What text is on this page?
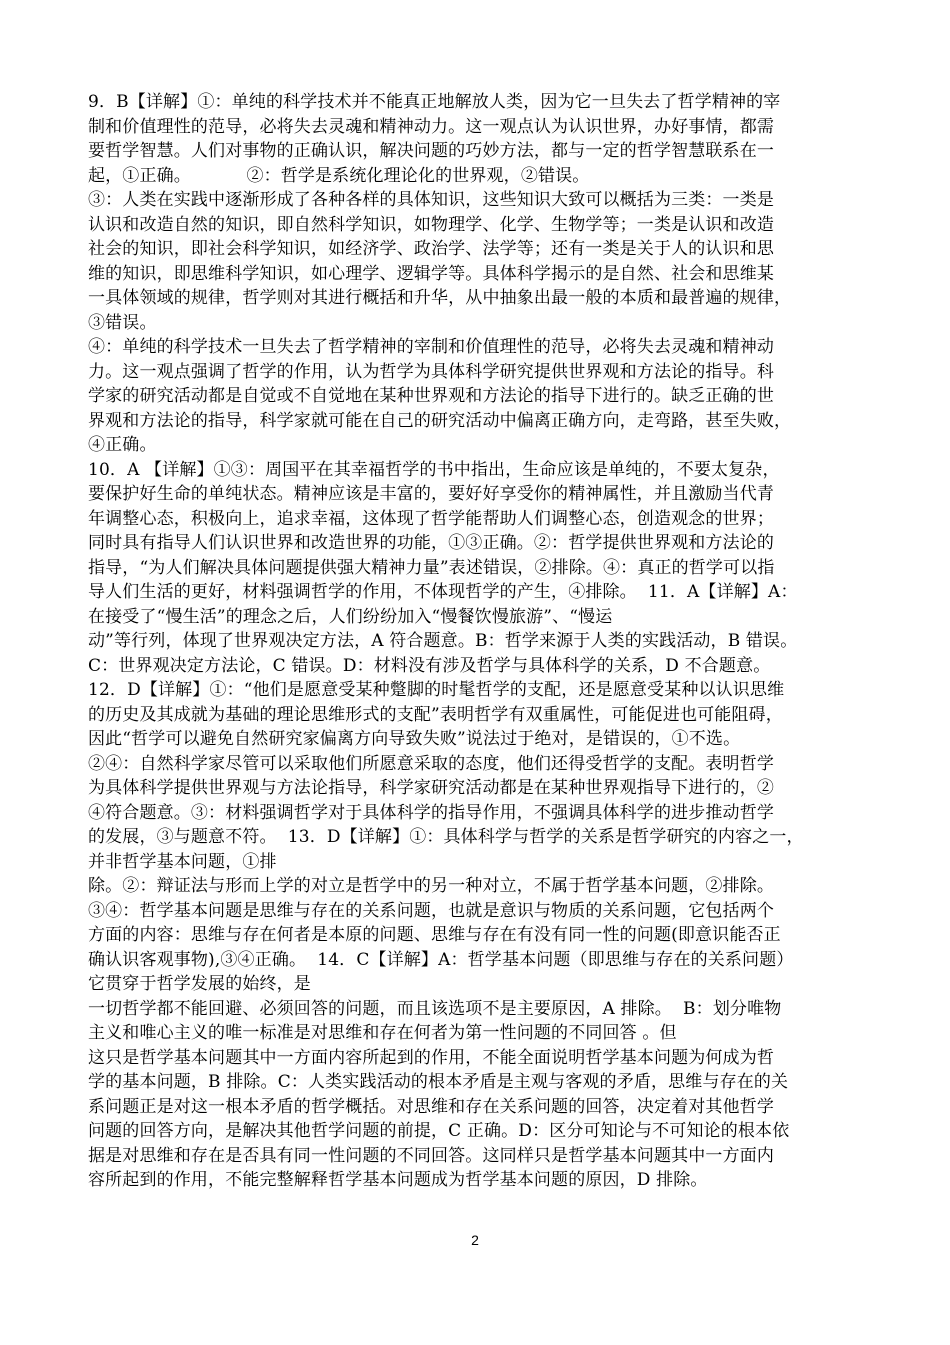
9．B【详解】①：单纯的科学技术并不能真正地解放人类，因为它一旦失去了哲学精神的宰
制和价值理性的范导，必将失去灵魂和精神动力。这一观点认为认识世界，办好事情，都需
要哲学智慧。人们对事物的正确认识，解决问题的巧妙方法，都与一定的哲学智慧联系在一
起，①正确。          ②：哲学是系统化理论化的世界观，②错误。
③：人类在实践中逐渐形成了各种各样的具体知识，这些知识大致可以概括为三类：一类是
认识和改造自然的知识，即自然科学知识，如物理学、化学、生物学等；一类是认识和改造
社会的知识，即社会科学知识，如经济学、政治学、法学等；还有一类是关于人的认识和思
维的知识，即思维科学知识，如心理学、逻辑学等。具体科学揭示的是自然、社会和思维某
一具体领域的规律，哲学则对其进行概括和升华，从中抽象出最一般的本质和最普遍的规律，
③错误。
④：单纯的科学技术一旦失去了哲学精神的宰制和价值理性的范导，必将失去灵魂和精神动
力。这一观点强调了哲学的作用，认为哲学为具体科学研究提供世界观和方法论的指导。科
学家的研究活动都是自觉或不自觉地在某种世界观和方法论的指导下进行的。缺乏正确的世
界观和方法论的指导，科学家就可能在自己的研究活动中偏离正确方向，走弯路，甚至失败，
④正确。
10．A 【详解】①③：周国平在其幸福哲学的书中指出，生命应该是单纯的，不要太复杂，
要保护好生命的单纯状态。精神应该是丰富的，要好好享受你的精神属性，并且激励当代青
年调整心态，积极向上，追求幸福，这体现了哲学能帮助人们调整心态，创造观念的世界；
同时具有指导人们认识世界和改造世界的功能，①③正确。②：哲学提供世界观和方法论的
指导，“为人们解决具体问题提供强大精神力量”表述错误，②排除。④：真正的哲学可以指
导人们生活的更好，材料强调哲学的作用，不体现哲学的产生，④排除。  11．A【详解】A：
在接受了“慢生活”的理念之后，人们纷纷加入“慢餐饮慢旅游”、“慢运
动”等行列，体现了世界观决定方法，A 符合题意。B：哲学来源于人类的实践活动，B 错误。
C：世界观决定方法论，C 错误。D：材料没有涉及哲学与具体科学的关系，D 不合题意。
12．D【详解】①：“他们是愿意受某种蹩脚的时髦哲学的支配，还是愿意受某种以认识思维
的历史及其成就为基础的理论思维形式的支配”表明哲学有双重属性，可能促进也可能阻碍，
因此“哲学可以避免自然研究家偏离方向导致失败”说法过于绝对，是错误的，①不选。
②④：自然科学家尽管可以采取他们所愿意采取的态度，他们还得受哲学的支配。表明哲学
为具体科学提供世界观与方法论指导，科学家研究活动都是在某种世界观指导下进行的，②
④符合题意。③：材料强调哲学对于具体科学的指导作用，不强调具体科学的进步推动哲学
的发展，③与题意不符。  13．D【详解】①：具体科学与哲学的关系是哲学研究的内容之一，
并非哲学基本问题，①排
除。②：辩证法与形而上学的对立是哲学中的另一种对立，不属于哲学基本问题，②排除。
③④：哲学基本问题是思维与存在的关系问题，也就是意识与物质的关系问题，它包括两个
方面的内容：思维与存在何者是本原的问题、思维与存在有没有同一性的问题(即意识能否正
确认识客观事物),③④正确。  14．C【详解】A：哲学基本问题（即思维与存在的关系问题）
它贯穿于哲学发展的始终，是
一切哲学都不能回避、必须回答的问题，而且该选项不是主要原因，A 排除。  B：划分唯物
主义和唯心主义的唯一标准是对思维和存在何者为第一性问题的不同回答 。但
这只是哲学基本问题其中一方面内容所起到的作用，不能全面说明哲学基本问题为何成为哲
学的基本问题，B 排除。C：人类实践活动的根本矛盾是主观与客观的矛盾，思维与存在的关
系问题正是对这一根本矛盾的哲学概括。对思维和存在关系问题的回答，决定着对其他哲学
问题的回答方向，是解决其他哲学问题的前提，C 正确。D：区分可知论与不可知论的根本依
据是对思维和存在是否具有同一性问题的不同回答。这同样只是哲学基本问题其中一方面内
容所起到的作用，不能完整解释哲学基本问题成为哲学基本问题的原因，D 排除。
2
